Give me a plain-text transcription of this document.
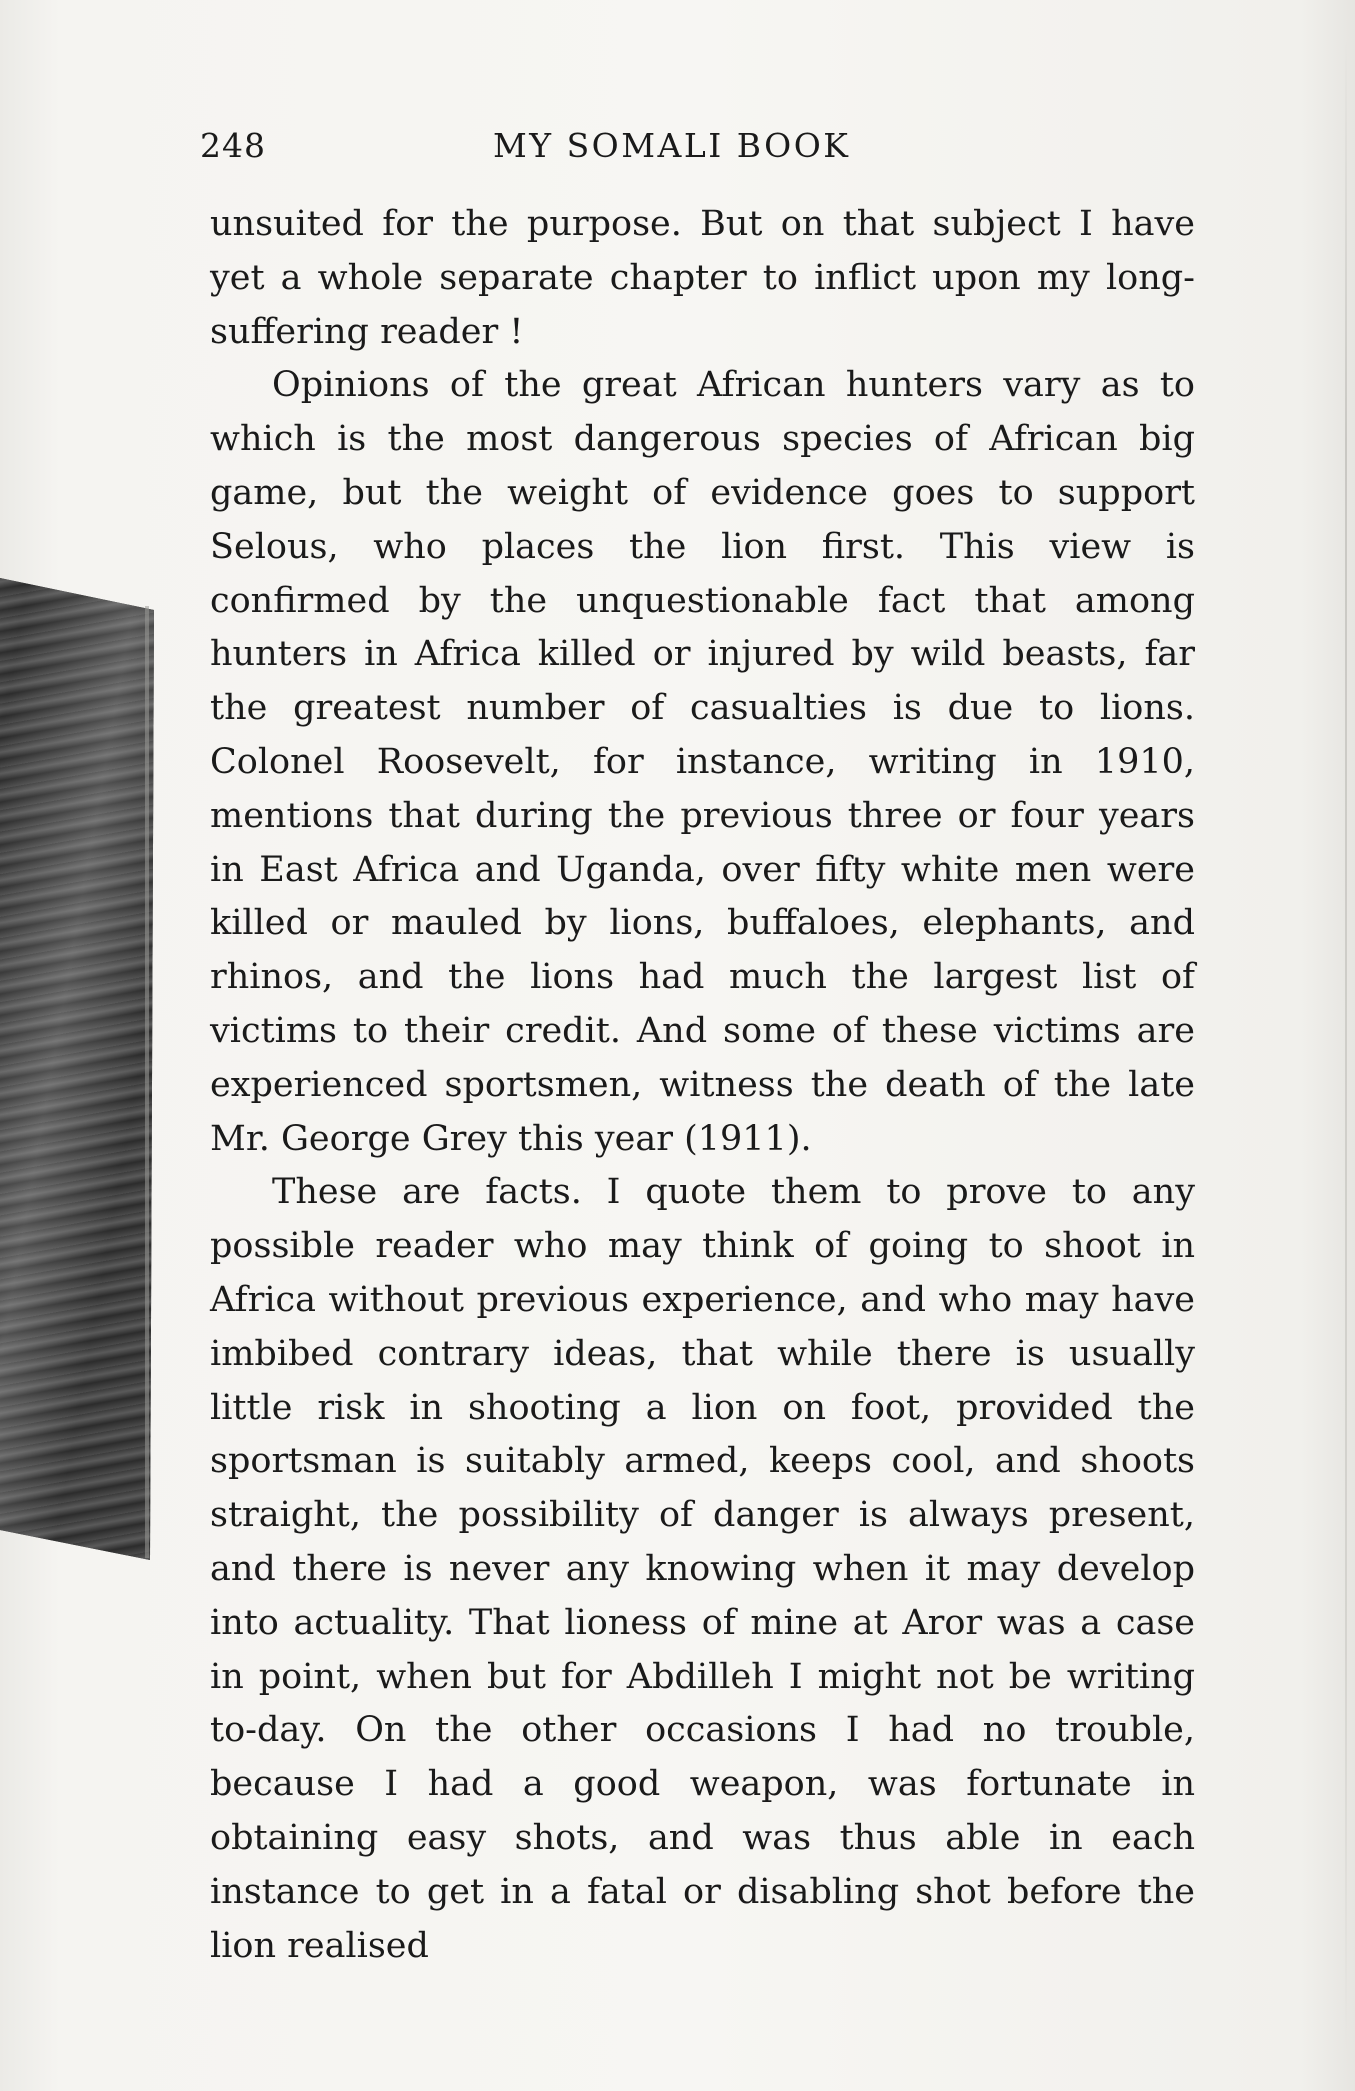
248	MY SOMALI BOOK

unsuited for the purpose. But on that subject I have yet a whole separate chapter to inflict upon my long-suffering reader !

Opinions of the great African hunters vary as to which is the most dangerous species of African big game, but the weight of evidence goes to support Selous, who places the lion first. This view is confirmed by the unquestionable fact that among hunters in Africa killed or injured by wild beasts, far the greatest number of casualties is due to lions. Colonel Roosevelt, for instance, writing in 1910, mentions that during the previous three or four years in East Africa and Uganda, over fifty white men were killed or mauled by lions, buffaloes, elephants, and rhinos, and the lions had much the largest list of victims to their credit. And some of these victims are experienced sportsmen, witness the death of the late Mr. George Grey this year (1911).

These are facts. I quote them to prove to any possible reader who may think of going to shoot in Africa without previous experience, and who may have imbibed contrary ideas, that while there is usually little risk in shooting a lion on foot, provided the sportsman is suitably armed, keeps cool, and shoots straight, the possibility of danger is always present, and there is never any knowing when it may develop into actuality. That lioness of mine at Aror was a case in point, when but for Abdilleh I might not be writing to-day. On the other occasions I had no trouble, because I had a good weapon, was fortunate in obtaining easy shots, and was thus able in each instance to get in a fatal or disabling shot before the lion realised
